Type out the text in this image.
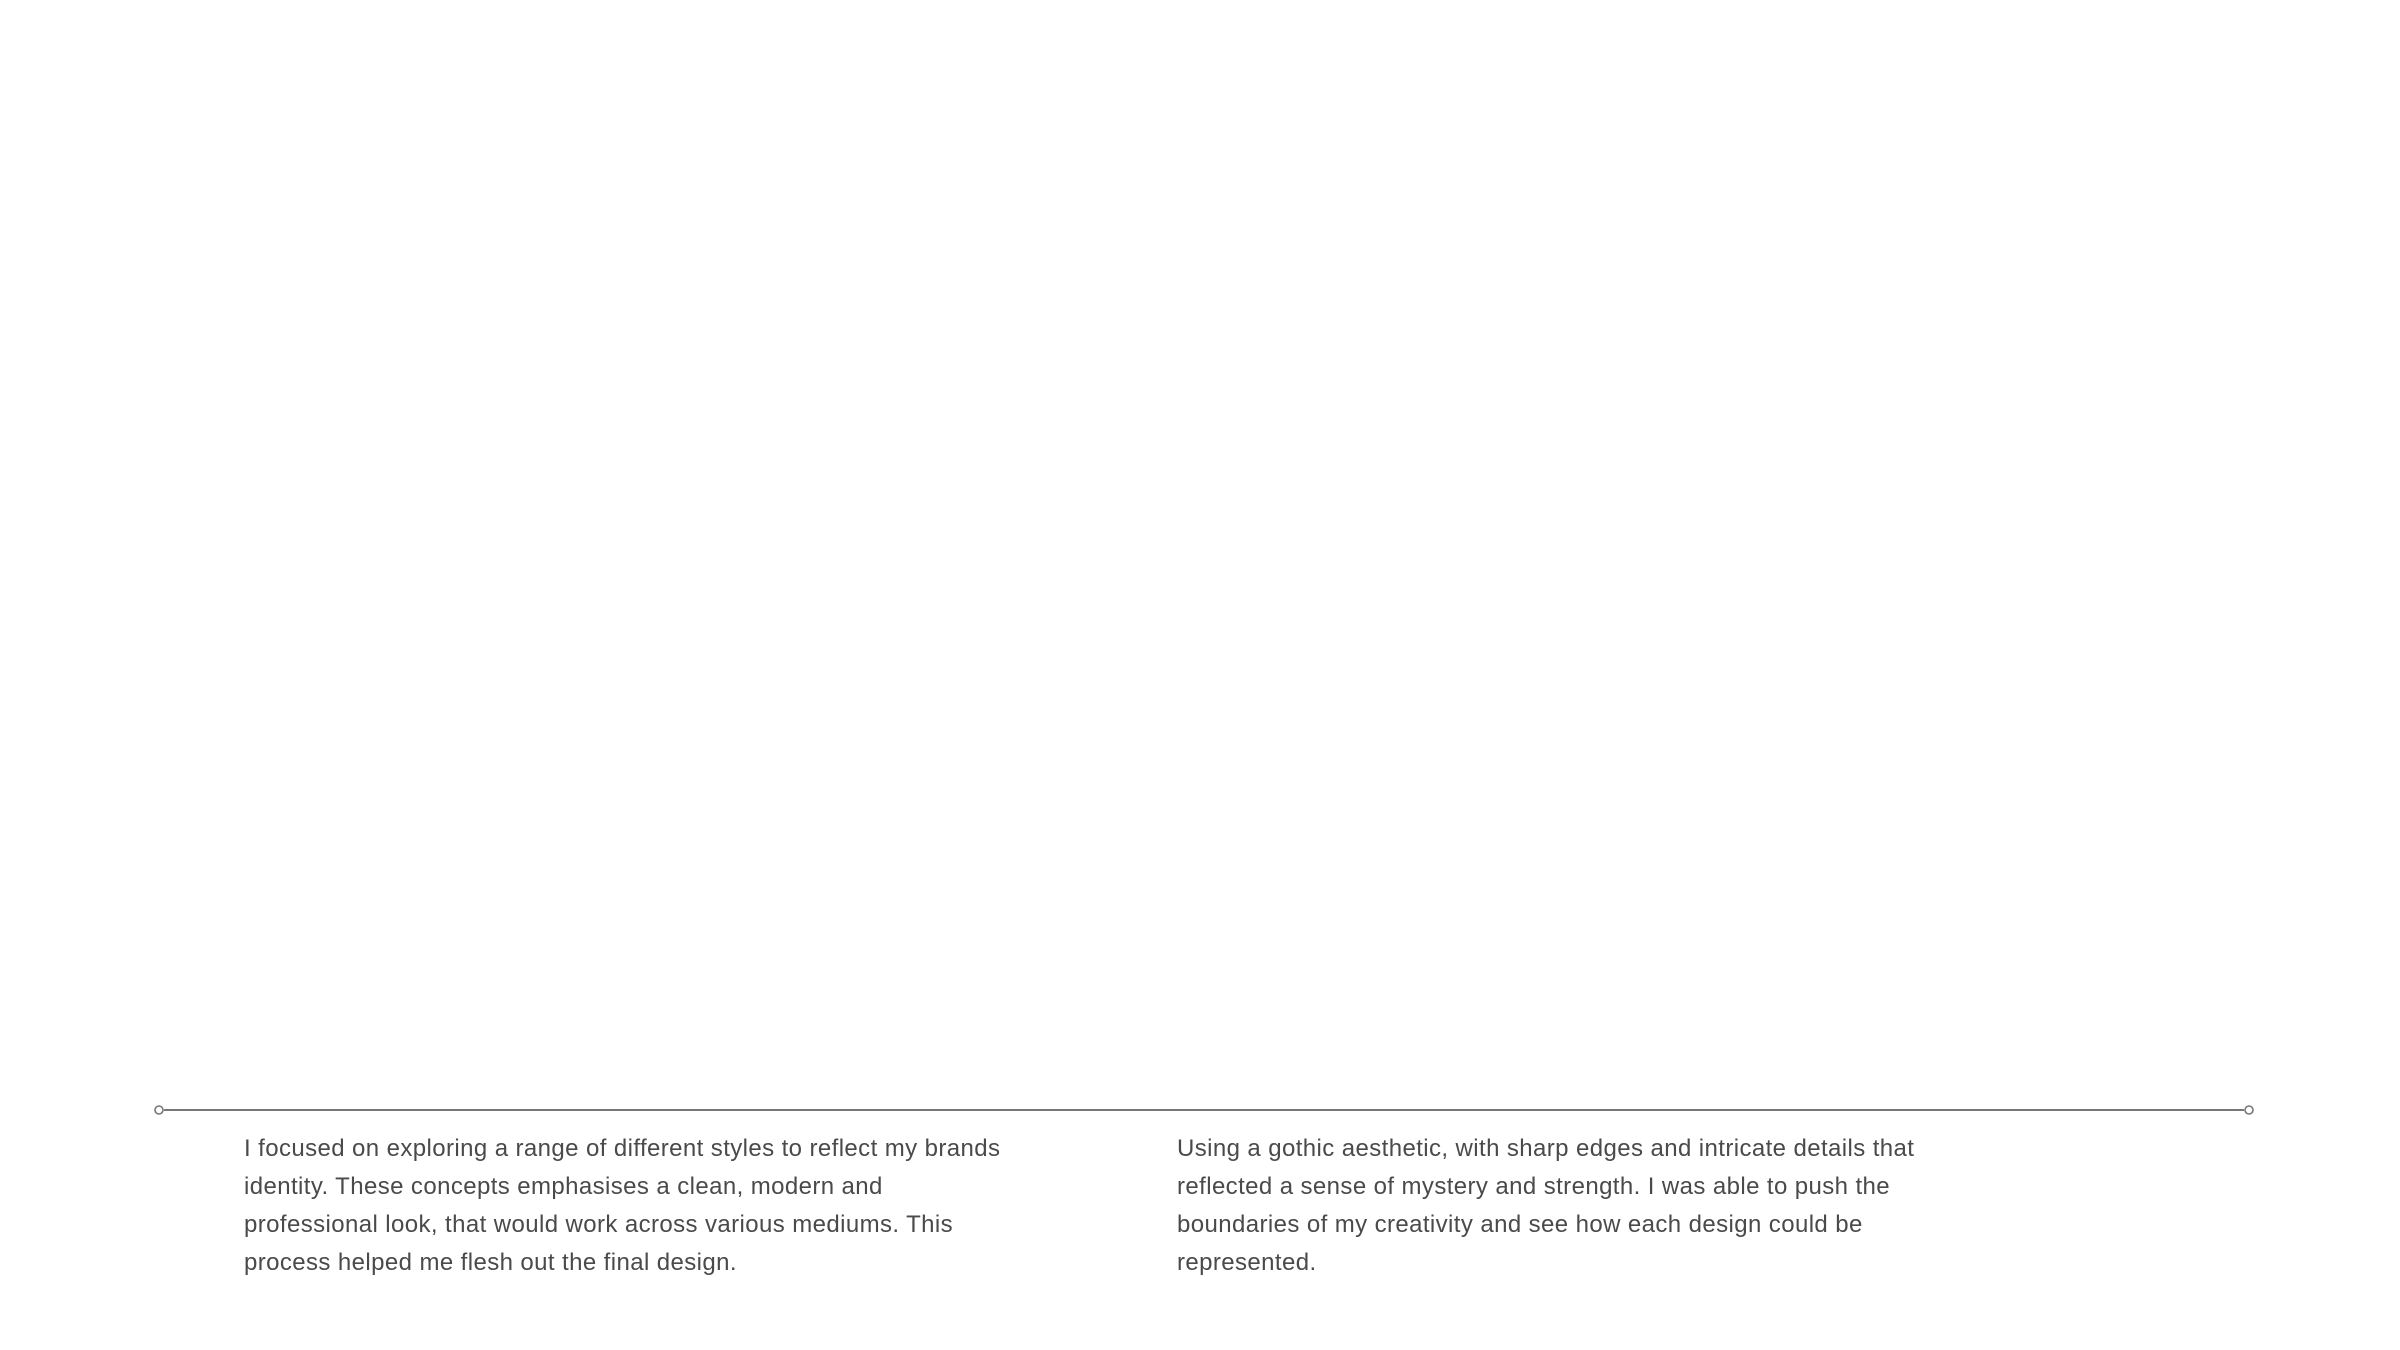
I focused on exploring a range of different styles to reflect my brands identity. These concepts emphasises a clean, modern and professional look, that would work across various mediums. This process helped me flesh out the final design.

Using a gothic aesthetic, with sharp edges and intricate details that reflected a sense of mystery and strength. I was able to push the boundaries of my creativity and see how each design could be represented.
